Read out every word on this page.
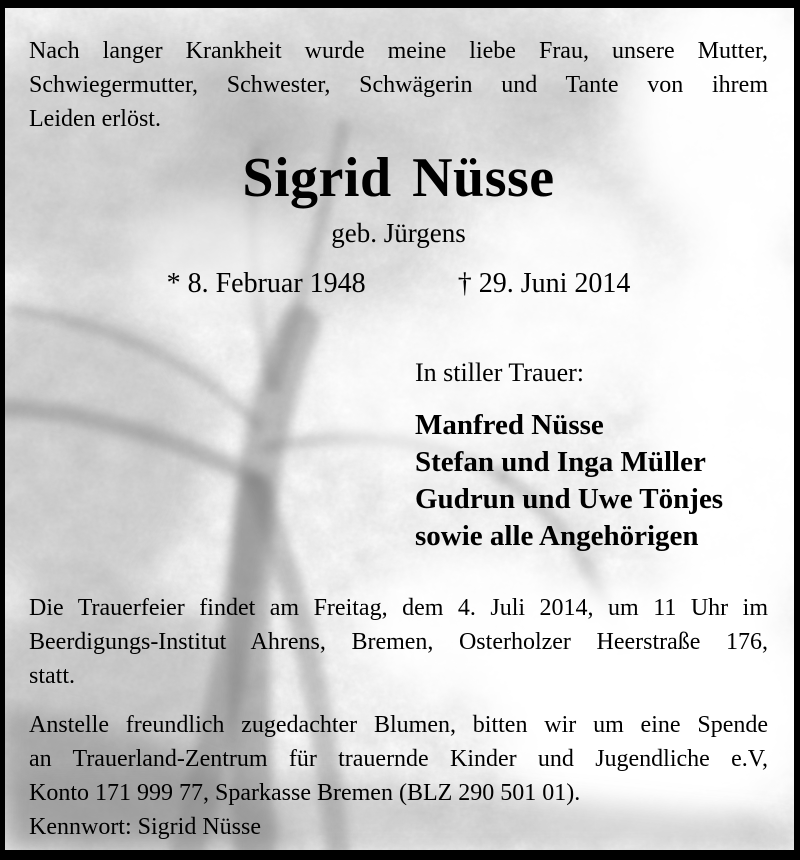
Nach langer Krankheit wurde meine liebe Frau, unsere Mutter,
Schwiegermutter, Schwester, Schwägerin und Tante von ihrem
Leiden erlöst.
Sigrid Nüsse
geb. Jürgens
* 8. Februar 1948	† 29. Juni 2014
In stiller Trauer:
Manfred Nüsse
Stefan und Inga Müller
Gudrun und Uwe Tönjes
sowie alle Angehörigen
Die Trauerfeier findet am Freitag, dem 4. Juli 2014, um 11 Uhr im
Beerdigungs-Institut Ahrens, Bremen, Osterholzer Heerstraße 176,
statt.
Anstelle freundlich zugedachter Blumen, bitten wir um eine Spende
an Trauerland-Zentrum für trauernde Kinder und Jugendliche e.V,
Konto 171 999 77, Sparkasse Bremen (BLZ 290 501 01).
Kennwort: Sigrid Nüsse
